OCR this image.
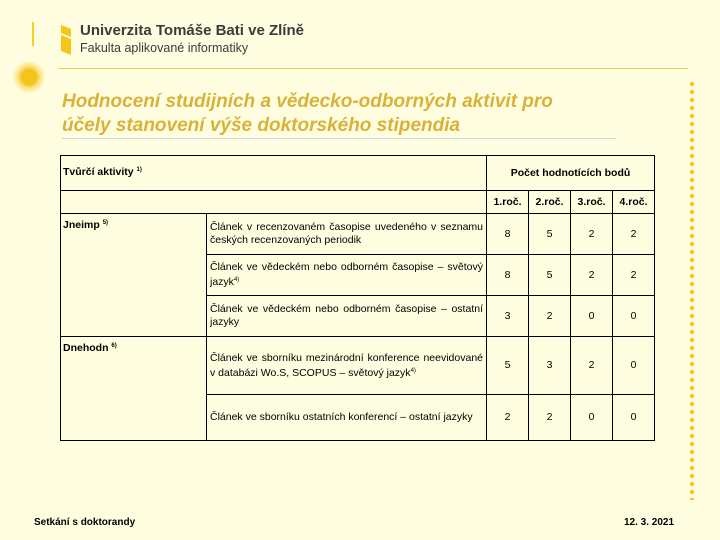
Univerzita Tomáše Bati ve Zlíně
Fakulta aplikované informatiky
Hodnocení studijních a vědecko-odborných aktivit pro
účely stanovení výše doktorského stipendia
Tvůrčí aktivity $^{1)}$		Počet hodnotících bodů			
		1.roč.	2.roč.	3.roč.	4.roč.
Jneimp $^{5)}$	Článek v recenzovaném časopise uvedeného v seznamu českých recenzovaných periodik	8	5	2	2
	Článek ve vědeckém nebo odborném časopise – světový jazyk$^{4)}$	8	5	2	2
	Článek ve vědeckém nebo odborném časopise – ostatní jazyky	3	2	0	0
Dnehodn $^{6)}$	Článek ve sborníku mezinárodní konference neevidované v databázi Wo.S, SCOPUS – světový jazyk$^{4)}$	5	3	2	0
	Článek ve sborníku ostatních konferencí – ostatní jazyky	2	2	0	0
Setkání s doktorandy	12. 3. 2021
